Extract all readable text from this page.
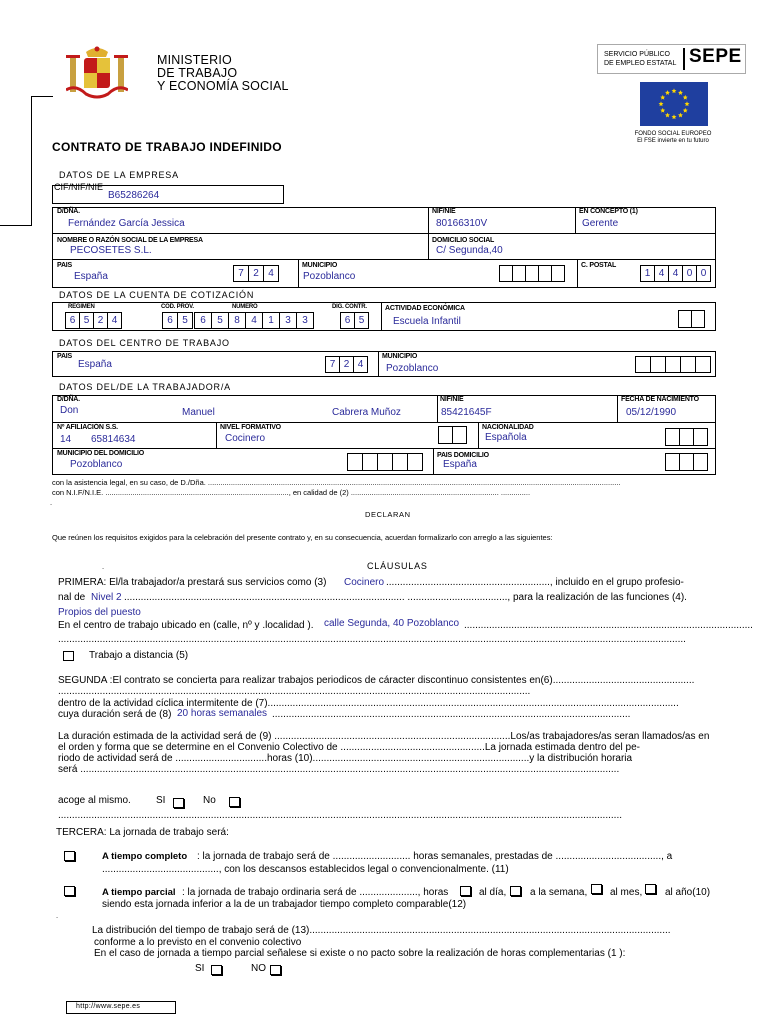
MINISTERIO
DE TRABAJO
Y ECONOMÍA SOCIAL
SERVICIO PÚBLICO
DE EMPLEO ESTATAL SEPE
FONDO SOCIAL EUROPEO
El FSE invierte en tu futuro
CONTRATO DE TRABAJO INDEFINIDO
DATOS DE LA EMPRESA
CIF/NIF/NIE
B65286264
D/DÑA.
Fernández García Jessica
NIF/NIE
80166310V
EN CONCEPTO (1)
Gerente
NOMBRE O RAZÓN SOCIAL DE LA EMPRESA
PECOSETES S.L.
DOMICILIO SOCIAL
C/ Segunda,40
PAIS
España	7 2 4
MUNICIPIO
Pozoblanco
C. POSTAL
1 4 4 0 0
DATOS DE LA CUENTA DE COTIZACIÓN
REGIMEN
6 5 2 4
COD. PROV.
6 5
NUMERO
6	5	8	4	1	3	3
DIG. CONTR.
6 5
ACTIVIDAD ECONÓMICA
Escuela Infantil
DATOS DEL CENTRO DE TRABAJO
PAIS
España	7 2 4
MUNICIPIO
Pozoblanco
DATOS DEL/DE LA TRABAJADOR/A
D/DÑA.
Don	Manuel	Cabrera Muñoz
NIF/NIE
85421645F
FECHA DE NACIMIENTO
05/12/1990
Nº AFILIACIÓN S.S.
14 65814634
NIVEL FORMATIVO
Cocinero
NACIONALIDAD
Española
MUNICIPIO DEL DOMICILIO
Pozoblanco
PAIS DOMICILIO
España
con la asistencia legal, en su caso, de D./Dña. ......................................................................................................................................................................................................
con N.I.F/N.I.E. ........................................................................................, en calidad de (2) ....................................................................... ..............
.
DECLARAN
Que reúnen los requisitos exigidos para la celebración del presente contrato y, en su consecuencia, acuerdan formalizarlo con arreglo a las siguientes:
.	CLÁUSULAS
PRIMERA: El/la trabajador/a prestará sus servicios como (3) Cocinero ..........................................................., incluido en el grupo profesio-
nal de Nivel 2 ..................................................................................................... ...................................., para la realización de las funciones (4).
Propios del puesto
En el centro de trabajo ubicado en (calle, nº y .localidad ). calle Segunda, 40 Pozoblanco ........................................................................................................
..................................................................................................................................................................................................................................
Trabajo a distancia (5)
SEGUNDA :El contrato se concierta para realizar trabajos periodicos de cáracter discontinuo consistentes en(6)...................................................
..........................................................................................................................................................................
dentro de la actividad cíclica intermitente de (7)....................................................................................................................................................
cuya duración será de (8) 20 horas semanales .................................................................................................................................
La duración estimada de la actividad será de (9) .....................................................................................Los/as trabajadores/as seran llamados/as en
el orden y forma que se determine en el Convenio Colectivo de ....................................................La jornada estimada dentro del pe-
riodo de actividad será de .................................horas (10)..............................................................................y la distribución horaria
será ..................................................................................................................................................................................................
acoge al mismo.	SI	No
...........................................................................................................................................................................................................
TERCERA: La jornada de trabajo será:
A tiempo completo : la jornada de trabajo será de ............................ horas semanales, prestadas de ......................................, a
.........................................., con los descansos establecidos legal o convencionalmente. (11)
A tiempo parcial : la jornada de trabajo ordinaria será de ....................., horas	al día, a la semana, al mes, al año(10)
siendo esta jornada inferior a la de un trabajador tiempo completo comparable(12)
.
La distribución del tiempo de trabajo será de (13)..................................................................................................................................
conforme a lo previsto en el convenio colectivo
En el caso de jornada a tiempo parcial señalese si existe o no pacto sobre la realización de horas complementarias (1 ):
SI	NO
http://www.sepe.es
